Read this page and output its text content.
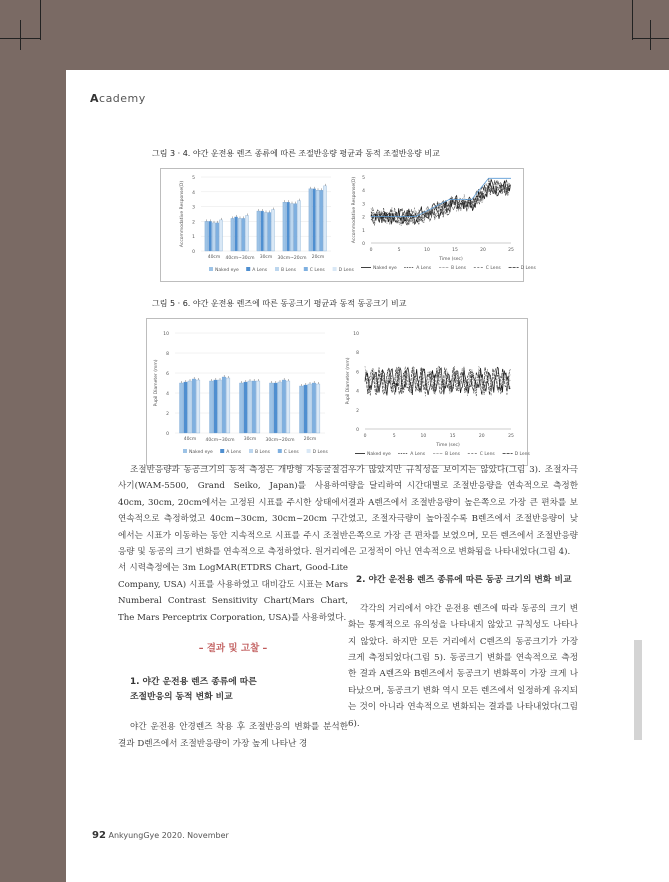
Academy
그림 3 · 4. 야간 운전용 렌즈 종류에 따른 조절반응량 평균과 동적 조절반응량 비교
Accommodative Response(D)
0
1
2
3
4
5
40cm 40cm~30cm 30cm 30cm~20cm 20cm
Naked eye	A Lens	B Lens	C Lens	D Lens
Accommodative Response(D)
0
1
2
3
4
5
0	5	10	15	20	25
Time (sec)
Naked eye	A Lens	B Lens	C Lens	D Lens
그림 5 · 6. 야간 운전용 렌즈에 따른 동공크기 평균과 동적 동공크기 비교
Pupil Diameter (mm)
0
2
4
6
8
10
40cm 40cm~30cm 30cm 30cm~20cm 20cm
Naked eye	A Lens	B Lens	C Lens	D Lens
Pupil Diameter (mm)
0
2
4
6
8
10
0	5	10	15	20	25
Time (sec)
Naked eye	A Lens	B Lens	C Lens	D Lens

조절반응량과 동공크기의 동적 측정은 개방형 자동굴절검사기(WAM-5500, Grand Seiko, Japan)를 사용하여 40cm, 30cm, 20cm에서는 고정된 시표를 주시한 상태에서 연속적으로 측정하였고 40cm~30cm, 30cm~20cm 구간에서는 시표가 이동하는 동안 지속적으로 시표를 주시 조절반응량 및 동공의 크기 변화를 연속적으로 측정하였다. 원거리에서 시력측정에는 3m LogMAR(ETDRS Chart, Good-Lite Company, USA) 시표를 사용하였고 대비감도 시표는 Mars Numberal Contrast Sensitivity Chart(Mars Chart, The Mars Perceptrix Corporation, USA)를 사용하였다.

– 결과 및 고찰 –
1. 야간 운전용 렌즈 종류에 따른
조절반응의 동적 변화 비교

야간 운전용 안경렌즈 착용 후 조절반응의 변화를 분석한 결과 D렌즈에서 조절반응량이 가장 높게 나타난 경

우가 많았지만 규칙성을 보이지는 않았다(그림 3). 조절자극량을 달리하여 시간대별로 조절반응량을 연속적으로 측정한 결과 A렌즈에서 조절반응량이 높은쪽으로 가장 큰 편차를 보였고, 조절자극량이 높아질수록 B렌즈에서 조절반응량이 낮은쪽으로 가장 큰 편차를 보였으며, 모든 렌즈에서 조절반응량은 고정적이 아닌 연속적으로 변화됨을 나타내었다(그림 4).

2. 야간 운전용 렌즈 종류에 따른 동공 크기의 변화 비교

각각의 거리에서 야간 운전용 렌즈에 따라 동공의 크기 변화는 통계적으로 유의성을 나타내지 않았고 규칙성도 나타나지 않았다. 하지만 모든 거리에서 C렌즈의 동공크기가 가장 크게 측정되었다(그림 5). 동공크기 변화를 연속적으로 측정한 결과 A렌즈와 B렌즈에서 동공크기 변화폭이 가장 크게 나타났으며, 동공크기 변화 역시 모든 렌즈에서 일정하게 유지되는 것이 아니라 연속적으로 변화되는 결과를 나타내었다(그림 6).

92 AnkyungGye 2020. November
